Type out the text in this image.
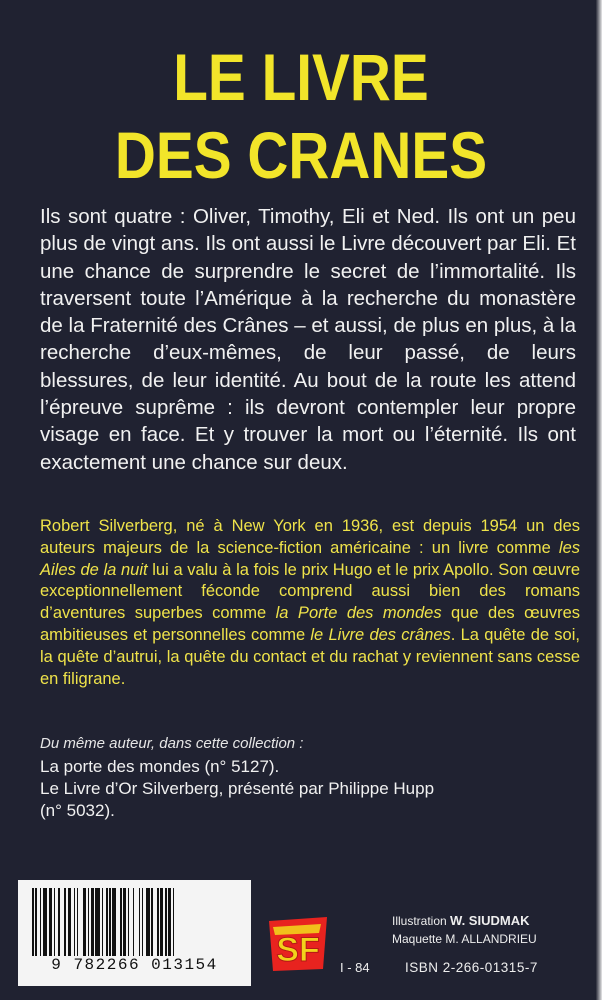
LE LIVRE
DES CRANES

Ils sont quatre : Oliver, Timothy, Eli et Ned. Ils ont un peu plus de vingt ans. Ils ont aussi le Livre découvert par Eli. Et une chance de surprendre le secret de l’immortalité. Ils traversent toute l’Amérique à la recherche du monastère de la Fraternité des Crânes – et aussi, de plus en plus, à la recherche d’eux-mêmes, de leur passé, de leurs blessures, de leur identité. Au bout de la route les attend l’épreuve suprême : ils devront contempler leur propre visage en face. Et y trouver la mort ou l’éternité. Ils ont exactement une chance sur deux.

Robert Silverberg, né à New York en 1936, est depuis 1954 un des auteurs majeurs de la science-fiction américaine : un livre comme les Ailes de la nuit lui a valu à la fois le prix Hugo et le prix Apollo. Son œuvre exceptionnellement féconde comprend aussi bien des romans d’aventures superbes comme la Porte des mondes que des œuvres ambitieuses et personnelles comme le Livre des crânes. La quête de soi, la quête d’autrui, la quête du contact et du rachat y reviennent sans cesse en filigrane.

Du même auteur, dans cette collection :

La porte des mondes (n° 5127).
Le Livre d’Or Silverberg, présenté par Philippe Hupp
(n° 5032).
9 782266 013154	SF
Illustration W. SIUDMAK
Maquette M. ALLANDRIEU
I - 84	ISBN 2-266-01315-7
